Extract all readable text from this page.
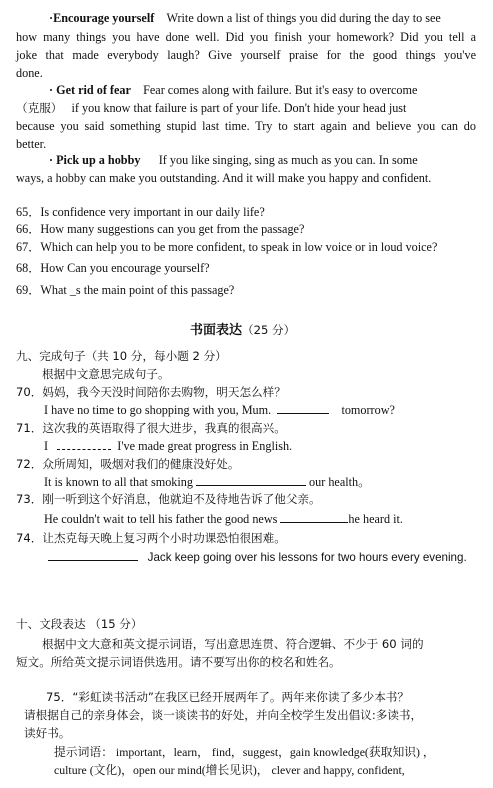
·Encourage yourself Write down a list of things you did during the day to see
how many things you have done well. Did you finish your homework? Did you tell a
joke that made everybody laugh? Give yourself praise for the good things you've
done.
· Get rid of fear Fear comes along with failure. But it's easy to overcome
（克服） if you know that failure is part of your life. Don't hide your head just
because you said something stupid last time. Try to start again and believe you can do
better.
· Pick up a hobby If you like singing, sing as much as you can. In some
ways, a hobby can make you outstanding. And it will make you happy and confident.
65．Is confidence very important in our daily life?
66．How many suggestions can you get from the passage?
67．Which can help you to be more confident, to speak in low voice or in loud voice?
68．How Can you encourage yourself?
69．What _s the main point of this passage?
书面表达（25 分）
九、完成句子（共 10 分，每小题 2 分）
根据中文意思完成句子。
70．妈妈，我今天没时间陪你去购物，明天怎么样？
I have no time to go shopping with you, Mum.	tomorrow?
71．这次我的英语取得了很大进步，我真的很高兴。
I	I've made great progress in English.
72．众所周知，吸烟对我们的健康没好处。
It is known to all that smoking	our health。
73．刚一听到这个好消息，他就迫不及待地告诉了他父亲。
He couldn't wait to tell his father the good news	he heard it.
74．让杰克每天晚上复习两个小时功课恐怕很困难。
Jack keep going over his lessons for two hours every evening.
十、文段表达 （15 分）
根据中文大意和英文提示词语，写出意思连贯、符合逻辑、不少于 60 词的
短文。所给英文提示词语供选用。请不要写出你的校名和姓名。
75．“彩虹读书活动”在我区已经开展两年了。两年来你读了多少本书？
请根据自己的亲身体会，谈一谈读书的好处，并向全校学生发出倡议:多读书，
读好书。
提示词语： important，learn， find，suggest，gain knowledge(获取知识) ，
culture (文化)，open our mind(增长见识)， clever and happy, confident,
